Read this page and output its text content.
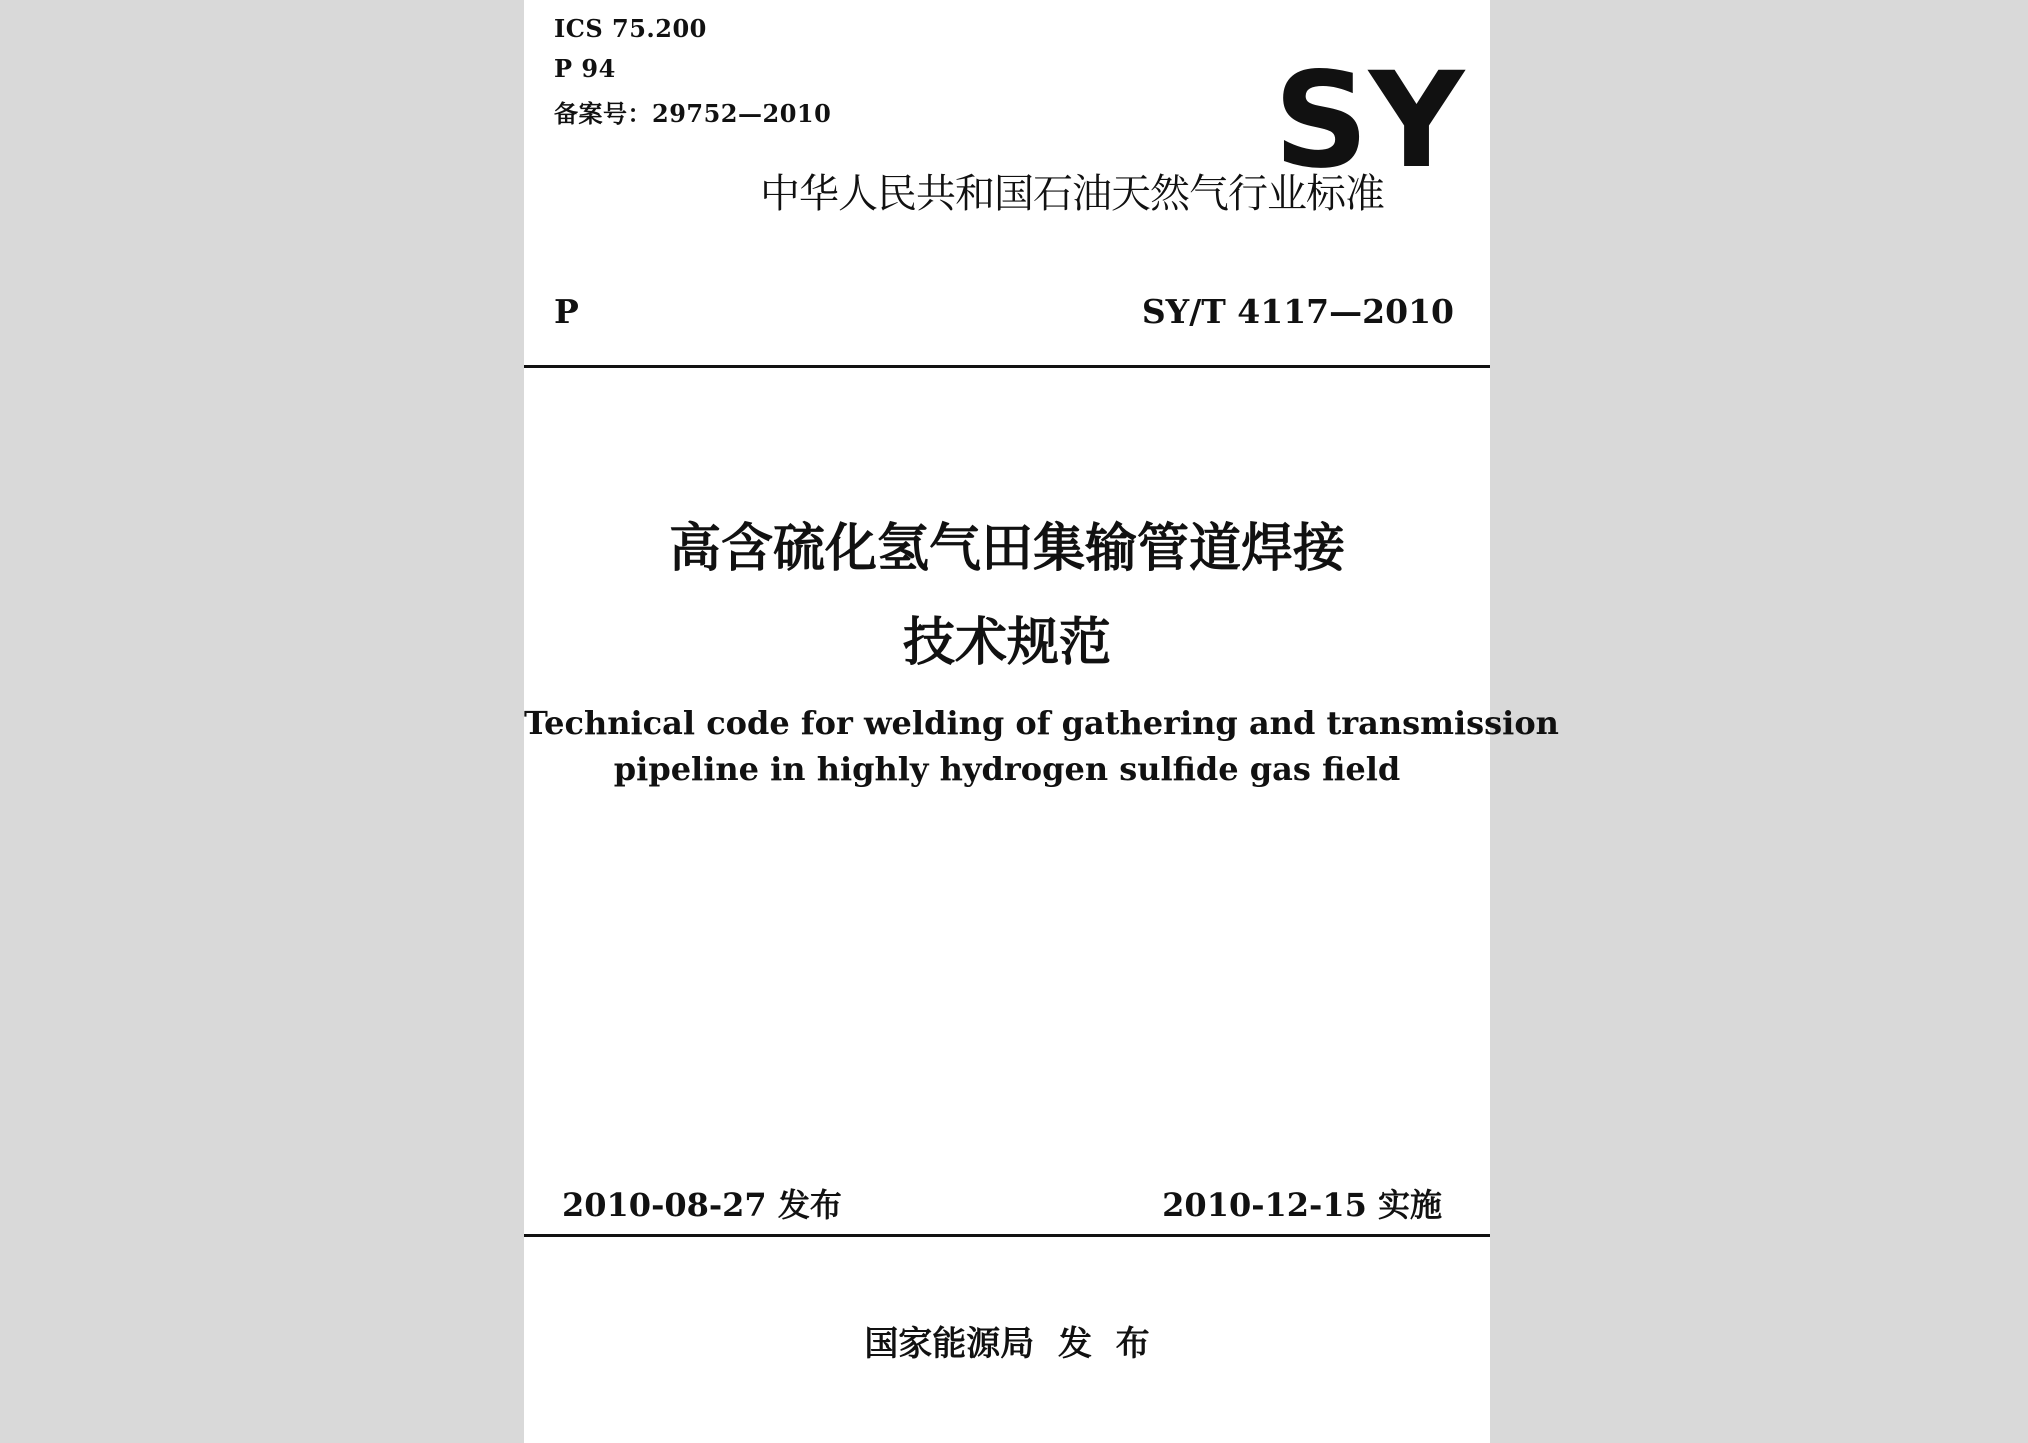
ICS 75.200
P 94
备案号：29752—2010	SY
中华人民共和国石油天然气行业标准
P	SY/T 4117—2010
高含硫化氢气田集输管道焊接
技术规范
Technical code for welding of gathering and transmission
pipeline in highly hydrogen sulfide gas field
2010-08-27 发布	2010-12-15 实施
国家能源局  发  布
